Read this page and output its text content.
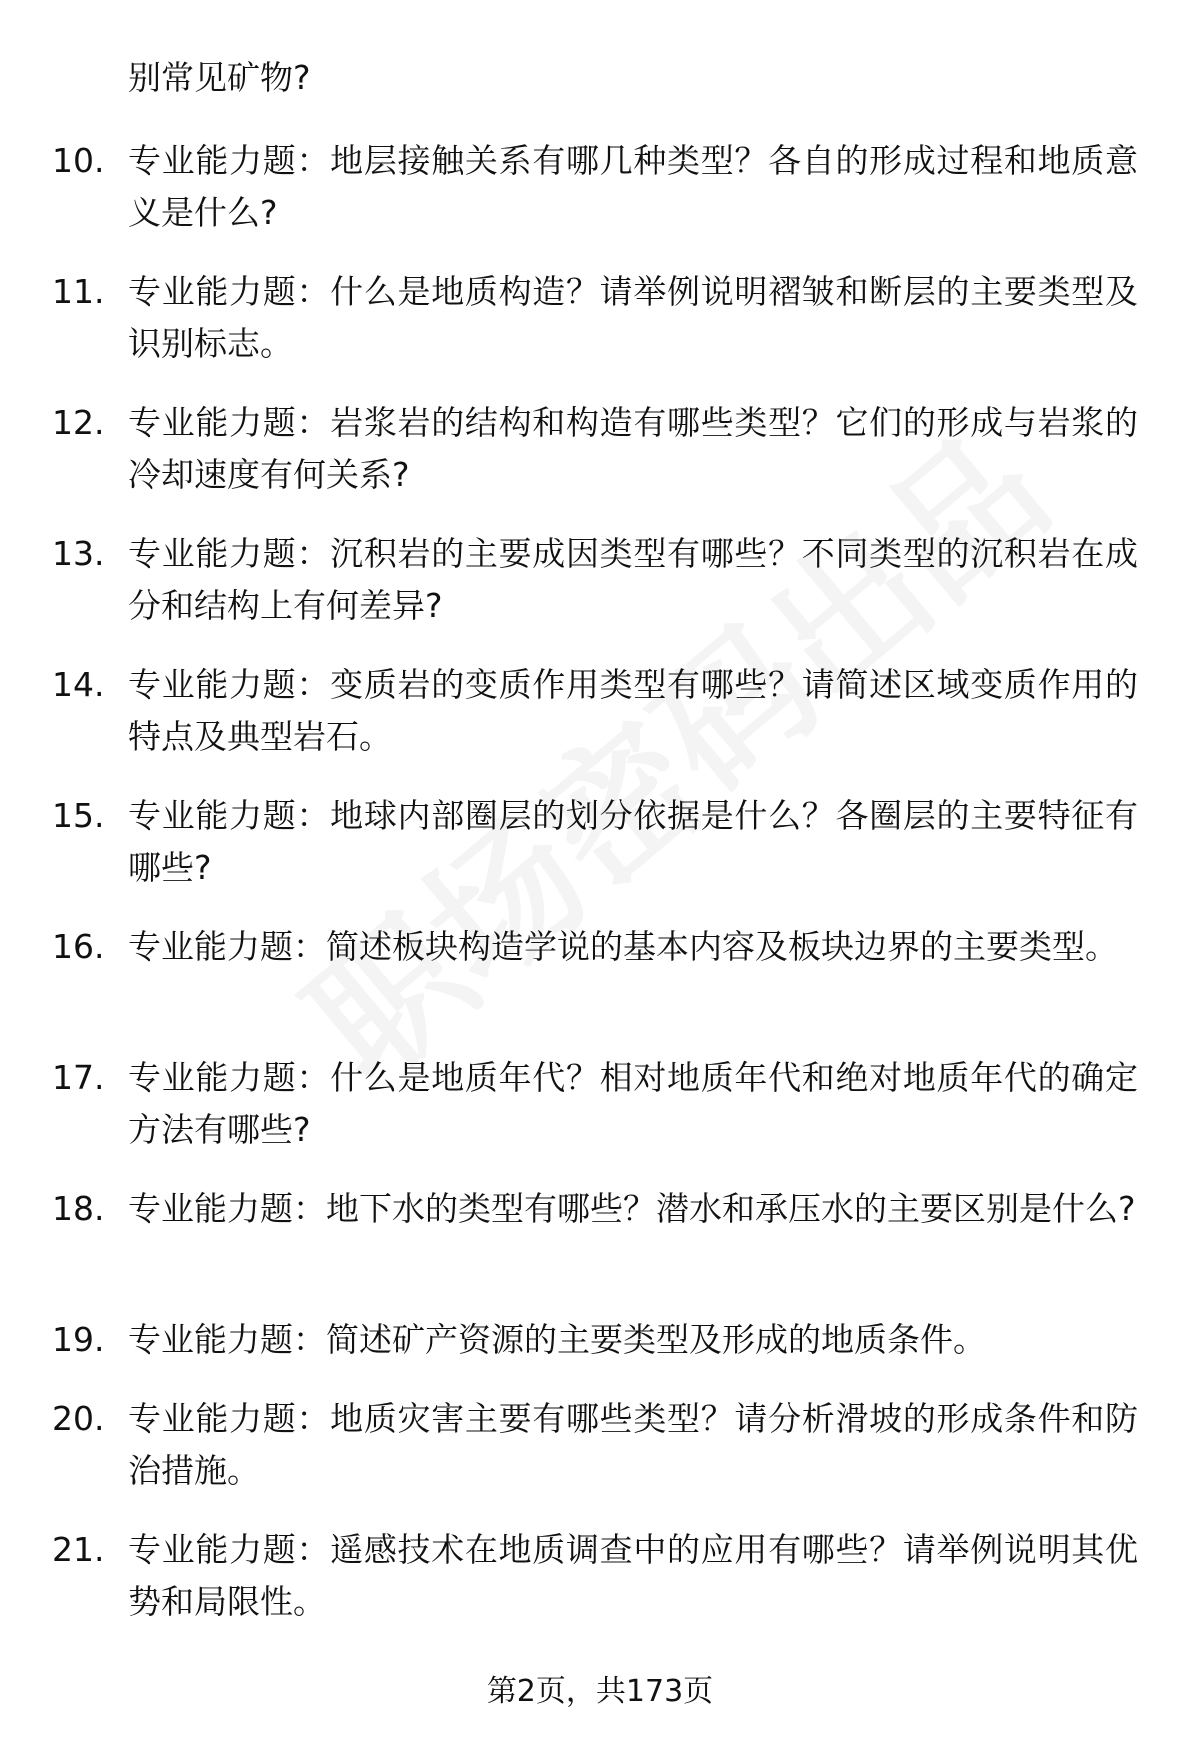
别常见矿物?
10. 专业能力题：地层接触关系有哪几种类型？各自的形成过程和地质意义是什么?
11. 专业能力题：什么是地质构造？请举例说明褶皱和断层的主要类型及识别标志。
12. 专业能力题：岩浆岩的结构和构造有哪些类型？它们的形成与岩浆的冷却速度有何关系?
13. 专业能力题：沉积岩的主要成因类型有哪些？不同类型的沉积岩在成分和结构上有何差异?
14. 专业能力题：变质岩的变质作用类型有哪些？请简述区域变质作用的特点及典型岩石。
15. 专业能力题：地球内部圈层的划分依据是什么？各圈层的主要特征有哪些?
16. 专业能力题：简述板块构造学说的基本内容及板块边界的主要类型。
17. 专业能力题：什么是地质年代？相对地质年代和绝对地质年代的确定方法有哪些?
18. 专业能力题：地下水的类型有哪些？潜水和承压水的主要区别是什么?
19. 专业能力题：简述矿产资源的主要类型及形成的地质条件。
20. 专业能力题：地质灾害主要有哪些类型？请分析滑坡的形成条件和防治措施。
21. 专业能力题：遥感技术在地质调查中的应用有哪些？请举例说明其优势和局限性。
第2页，共173页
